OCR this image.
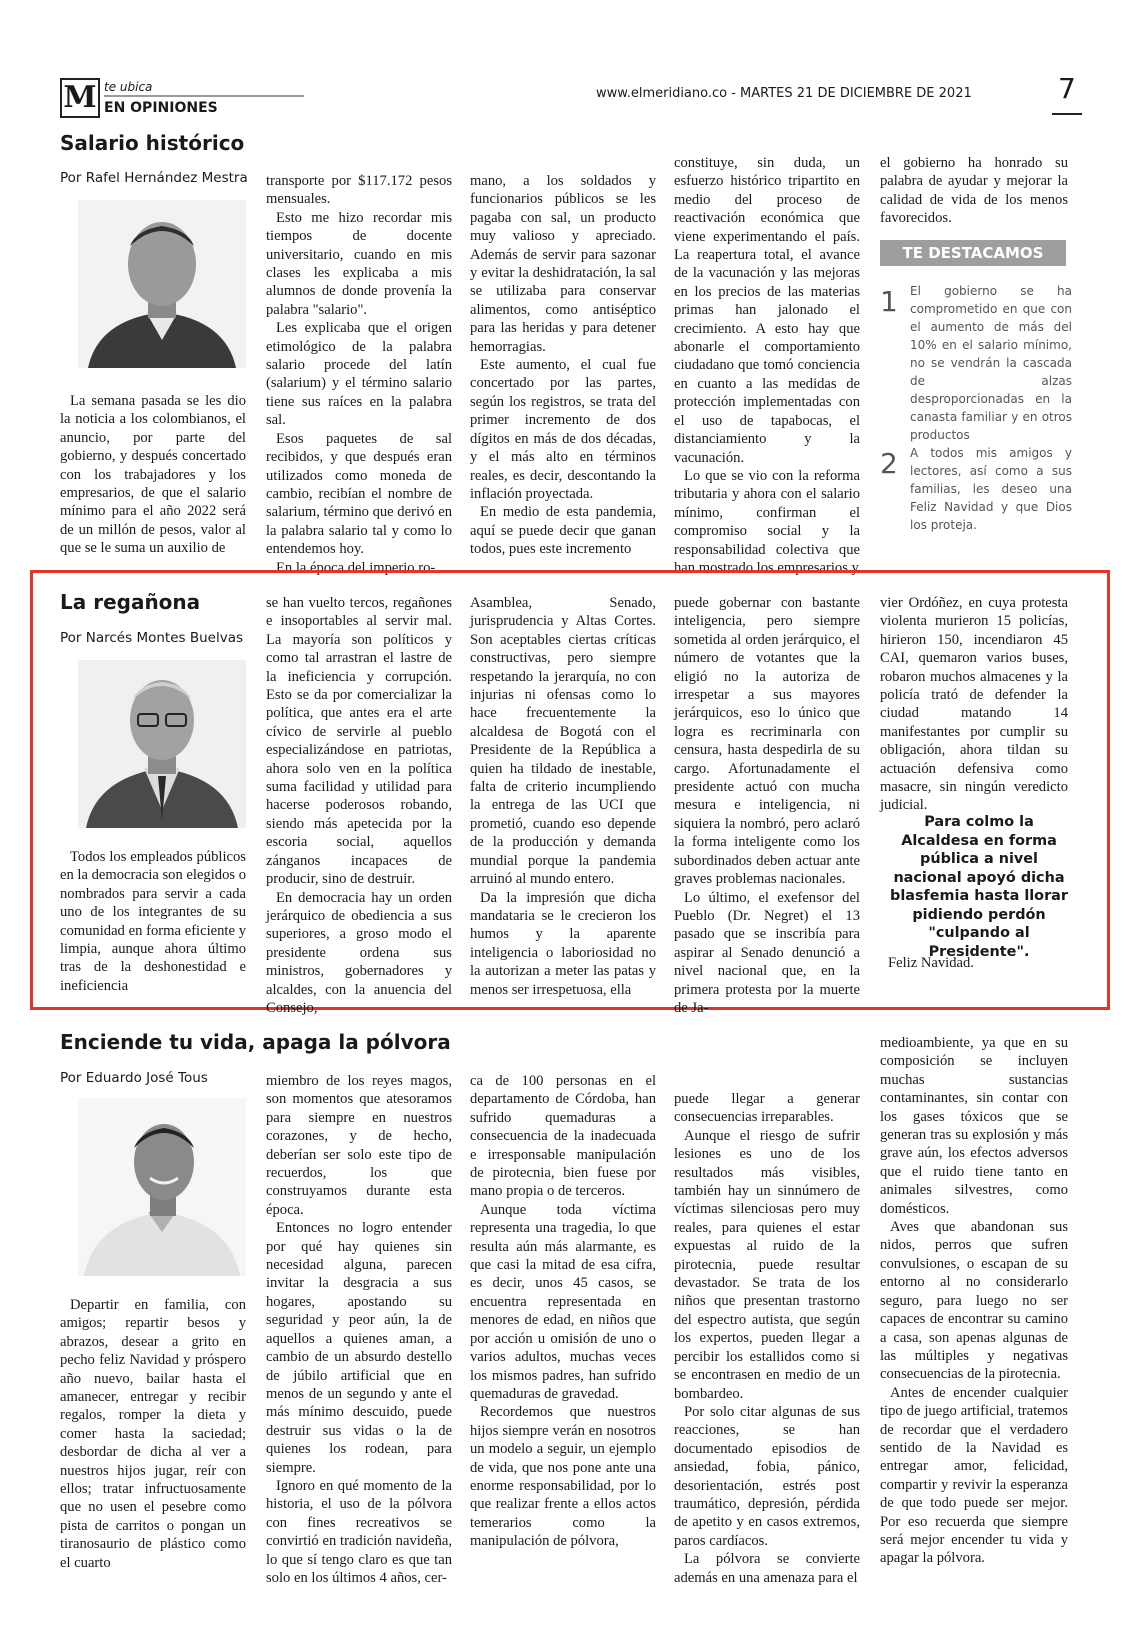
M te ubica
EN OPINIONES
www.elmeridiano.co - MARTES 21 DE DICIEMBRE DE 2021	7
Salario histórico
Por Rafel Hernández Mestra

La semana pasada se les dio la noticia a los colombianos, el anuncio, por parte del gobierno, y después concertado con los trabajadores y los empresarios, de que el salario mínimo para el año 2022 será de un millón de pesos, valor al que se le suma un auxilio de

transporte por $117.172 pesos mensuales.

Esto me hizo recordar mis tiempos de docente universitario, cuando en mis clases les explicaba a mis alumnos de donde provenía la palabra "salario".

Les explicaba que el origen etimológico de la palabra salario procede del latín (salarium) y el término salario tiene sus raíces en la palabra sal.

Esos paquetes de sal recibidos, y que después eran utilizados como moneda de cambio, recibían el nombre de salarium, término que derivó en la palabra salario tal y como lo entendemos hoy.

En la época del imperio ro-

mano, a los soldados y funcionarios públicos se les pagaba con sal, un producto muy valioso y apreciado. Además de servir para sazonar y evitar la deshidratación, la sal se utilizaba para conservar alimentos, como antiséptico para las heridas y para detener hemorragias.

Este aumento, el cual fue concertado por las partes, según los registros, se trata del primer incremento de dos dígitos en más de dos décadas, y el más alto en términos reales, es decir, descontando la inflación proyectada.

En medio de esta pandemia, aquí se puede decir que ganan todos, pues este incremento

constituye, sin duda, un esfuerzo histórico tripartito en medio del proceso de reactivación económica que viene experimentando el país. La reapertura total, el avance de la vacunación y las mejoras en los precios de las materias primas han jalonado el crecimiento. A esto hay que abonarle el comportamiento ciudadano que tomó conciencia en cuanto a las medidas de protección implementadas con el uso de tapabocas, el distanciamiento y la vacunación.

Lo que se vio con la reforma tributaria y ahora con el salario mínimo, confirman el compromiso social y la responsabilidad colectiva que han mostrado los empresarios y

el gobierno ha honrado su palabra de ayudar y mejorar la calidad de vida de los menos favorecidos.

TE DESTACAMOS
1 El gobierno se ha comprometido en que con el aumento de más del 10% en el salario mínimo, no se vendrán la cascada de alzas desproporcionadas en la canasta familiar y en otros productos
2 A todos mis amigos y lectores, así como a sus familias, les deseo una Feliz Navidad y que Dios los proteja.
La regañona
Por Narcés Montes Buelvas

Todos los empleados públicos en la democracia son elegidos o nombrados para servir a cada uno de los integrantes de su comunidad en forma eficiente y limpia, aunque ahora último tras de la deshonestidad e ineficiencia

se han vuelto tercos, regañones e insoportables al servir mal. La mayoría son políticos y como tal arrastran el lastre de la ineficiencia y corrupción. Esto se da por comercializar la política, que antes era el arte cívico de servirle al pueblo especializándose en patriotas, ahora solo ven en la política suma facilidad y utilidad para hacerse poderosos robando, siendo más apetecida por la escoria social, aquellos zánganos incapaces de producir, sino de destruir.

En democracia hay un orden jerárquico de obediencia a sus superiores, a groso modo el presidente ordena sus ministros, gobernadores y alcaldes, con la anuencia del Consejo,

Asamblea, Senado, jurisprudencia y Altas Cortes. Son aceptables ciertas críticas constructivas, pero siempre respetando la jerarquía, no con injurias ni ofensas como lo hace frecuentemente la alcaldesa de Bogotá con el Presidente de la República a quien ha tildado de inestable, falta de criterio incumpliendo la entrega de las UCI que prometió, cuando eso depende de la producción y demanda mundial porque la pandemia arruinó al mundo entero.

Da la impresión que dicha mandataria se le crecieron los humos y la aparente inteligencia o laboriosidad no la autorizan a meter las patas y menos ser irrespetuosa, ella

puede gobernar con bastante inteligencia, pero siempre sometida al orden jerárquico, el número de votantes que la eligió no la autoriza de irrespetar a sus mayores jerárquicos, eso lo único que logra es recriminarla con censura, hasta despedirla de su cargo. Afortunadamente el presidente actuó con mucha mesura e inteligencia, ni siquiera la nombró, pero aclaró la forma inteligente como los subordinados deben actuar ante graves problemas nacionales.

Lo último, el exefensor del Pueblo (Dr. Negret) el 13 pasado que se inscribía para aspirar al Senado denunció a nivel nacional que, en la primera protesta por la muerte de Ja-

vier Ordóñez, en cuya protesta violenta murieron 15 policías, hirieron 150, incendiaron 45 CAI, quemaron varios buses, robaron muchos almacenes y la policía trató de defender la ciudad matando 14 manifestantes por cumplir su obligación, ahora tildan su actuación defensiva como masacre, sin ningún veredicto judicial.

Para colmo la Alcaldesa en forma pública a nivel nacional apoyó dicha blasfemia hasta llorar pidiendo perdón "culpando al Presidente".
Feliz Navidad.
Enciende tu vida, apaga la pólvora
Por Eduardo José Tous

Departir en familia, con amigos; repartir besos y abrazos, desear a grito en pecho feliz Navidad y próspero año nuevo, bailar hasta el amanecer, entregar y recibir regalos, romper la dieta y comer hasta la saciedad; desbordar de dicha al ver a nuestros hijos jugar, reír con ellos; tratar infructuosamente que no usen el pesebre como pista de carritos o pongan un tiranosaurio de plástico como el cuarto

miembro de los reyes magos, son momentos que atesoramos para siempre en nuestros corazones, y de hecho, deberían ser solo este tipo de recuerdos, los que construyamos durante esta época.

Entonces no logro entender por qué hay quienes sin necesidad alguna, parecen invitar la desgracia a sus hogares, apostando su seguridad y peor aún, la de aquellos a quienes aman, a cambio de un absurdo destello de júbilo artificial que en menos de un segundo y ante el más mínimo descuido, puede destruir sus vidas o la de quienes los rodean, para siempre.

Ignoro en qué momento de la historia, el uso de la pólvora con fines recreativos se convirtió en tradición navideña, lo que sí tengo claro es que tan solo en los últimos 4 años, cer-

ca de 100 personas en el departamento de Córdoba, han sufrido quemaduras a consecuencia de la inadecuada e irresponsable manipulación de pirotecnia, bien fuese por mano propia o de terceros.

Aunque toda víctima representa una tragedia, lo que resulta aún más alarmante, es que casi la mitad de esa cifra, es decir, unos 45 casos, se encuentra representada en menores de edad, en niños que por acción u omisión de uno o varios adultos, muchas veces los mismos padres, han sufrido quemaduras de gravedad.

Recordemos que nuestros hijos siempre verán en nosotros un modelo a seguir, un ejemplo de vida, que nos pone ante una enorme responsabilidad, por lo que realizar frente a ellos actos temerarios como la manipulación de pólvora,

puede llegar a generar consecuencias irreparables.

Aunque el riesgo de sufrir lesiones es uno de los resultados más visibles, también hay un sinnúmero de víctimas silenciosas pero muy reales, para quienes el estar expuestas al ruido de la pirotecnia, puede resultar devastador. Se trata de los niños que presentan trastorno del espectro autista, que según los expertos, pueden llegar a percibir los estallidos como si se encontrasen en medio de un bombardeo.

Por solo citar algunas de sus reacciones, se han documentado episodios de ansiedad, fobia, pánico, desorientación, estrés post traumático, depresión, pérdida de apetito y en casos extremos, paros cardíacos.

La pólvora se convierte además en una amenaza para el

medioambiente, ya que en su composición se incluyen muchas sustancias contaminantes, sin contar con los gases tóxicos que se generan tras su explosión y más grave aún, los efectos adversos que el ruido tiene tanto en animales silvestres, como domésticos.

Aves que abandonan sus nidos, perros que sufren convulsiones, o escapan de su entorno al no considerarlo seguro, para luego no ser capaces de encontrar su camino a casa, son apenas algunas de las múltiples y negativas consecuencias de la pirotecnia.

Antes de encender cualquier tipo de juego artificial, tratemos de recordar que el verdadero sentido de la Navidad es entregar amor, felicidad, compartir y revivir la esperanza de que todo puede ser mejor. Por eso recuerda que siempre será mejor encender tu vida y apagar la pólvora.
